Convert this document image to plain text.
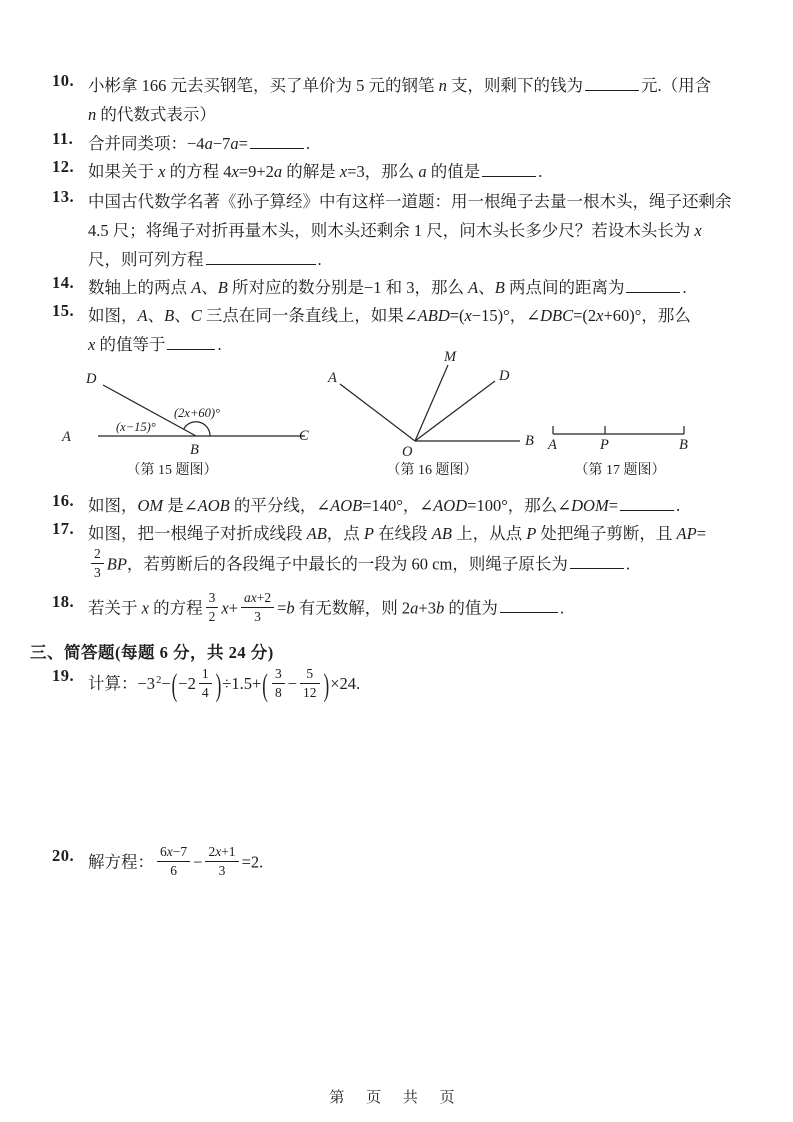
10. 小彬拿 166 元去买钢笔，买了单价为 5 元的钢笔 n 支，则剩下的钱为	元.（用含
n 的代数式表示）
11. 合并同类项：−4a−7a=	.
12. 如果关于 x 的方程 4x=9+2a 的解是 x=3，那么 a 的值是	.
13. 中国古代数学名著《孙子算经》中有这样一道题：用一根绳子去量一根木头，绳子还剩余
4.5 尺；将绳子对折再量木头，则木头还剩余 1 尺，问木头长多少尺？若设木头长为 x
尺，则可列方程	.
14. 数轴上的两点 A、B 所对应的数分别是−1 和 3，那么 A、B 两点间的距离为	.
15. 如图，A、B、C 三点在同一条直线上，如果∠ABD=(x−15)°，∠DBC=(2x+60)°，那么
x 的值等于	.
16. 如图，OM 是∠AOB 的平分线，∠AOB=140°，∠AOD=100°，那么∠DOM=	.
17. 如图，把一根绳子对折成线段 AB，点 P 在线段 AB 上，从点 P 处把绳子剪断，且 AP=
$\frac{2}{3}$ BP，若剪断后的各段绳子中最长的一段为 60 cm，则绳子原长为	.
18. 若关于 x 的方程 $\frac{3}{2} x+ \frac{ax+2}{3} =b$ 有无数解，则 2a+3b 的值为	.
三、简答题(每题 6 分，共 24 分)
19. 计算：$-3^2-(-2 \frac{1}{4} )\div 1.5+( \frac{3}{8} - \frac{5}{12} )\times 24$.
20. 解方程： $\frac{6x-7}{6} - \frac{2x+1}{3} =2$.
A	C
D
B
(x−15)°
(2x+60)°
（第 15 题图）
A
M
D
B
O
（第 16 题图）
A	P	B
（第 17 题图）
第 页 共 页
